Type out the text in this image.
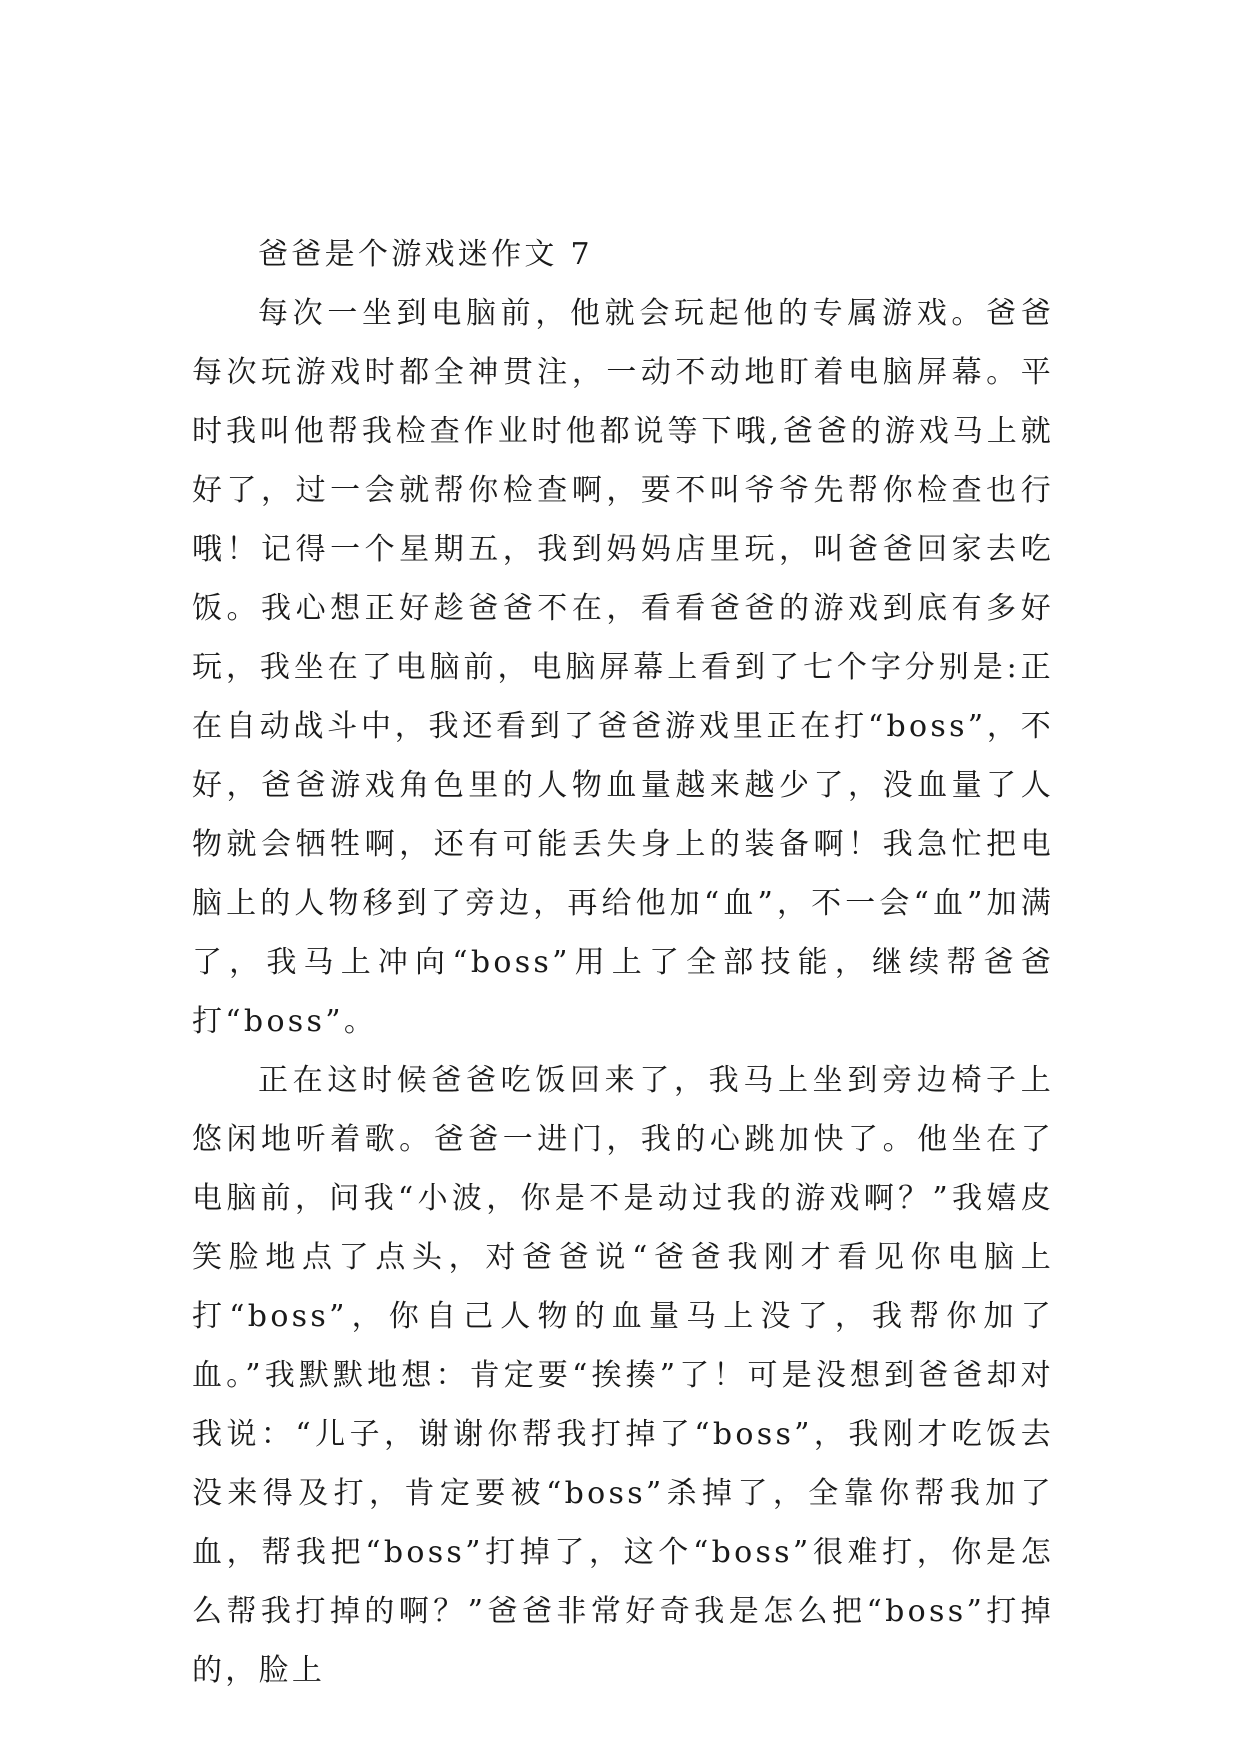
爸爸是个游戏迷作文 7

每次一坐到电脑前，他就会玩起他的专属游戏。爸爸每次玩游戏时都全神贯注，一动不动地盯着电脑屏幕。平时我叫他帮我检查作业时他都说等下哦,爸爸的游戏马上就好了，过一会就帮你检查啊，要不叫爷爷先帮你检查也行哦！记得一个星期五，我到妈妈店里玩，叫爸爸回家去吃饭。我心想正好趁爸爸不在，看看爸爸的游戏到底有多好玩，我坐在了电脑前，电脑屏幕上看到了七个字分别是:正在自动战斗中，我还看到了爸爸游戏里正在打“boss”，不好，爸爸游戏角色里的人物血量越来越少了，没血量了人物就会牺牲啊，还有可能丢失身上的装备啊！我急忙把电脑上的人物移到了旁边，再给他加“血”，不一会“血”加满了，我马上冲向“boss”用上了全部技能，继续帮爸爸打“boss”。

正在这时候爸爸吃饭回来了，我马上坐到旁边椅子上悠闲地听着歌。爸爸一进门，我的心跳加快了。他坐在了电脑前，问我“小波，你是不是动过我的游戏啊？”我嬉皮笑脸地点了点头，对爸爸说“爸爸我刚才看见你电脑上打“boss”，你自己人物的血量马上没了，我帮你加了血。”我默默地想：肯定要“挨揍”了！可是没想到爸爸却对我说：“儿子，谢谢你帮我打掉了“boss”，我刚才吃饭去没来得及打，肯定要被“boss”杀掉了，全靠你帮我加了血，帮我把“boss”打掉了，这个“boss”很难打，你是怎么帮我打掉的啊？”爸爸非常好奇我是怎么把“boss”打掉的，脸上
